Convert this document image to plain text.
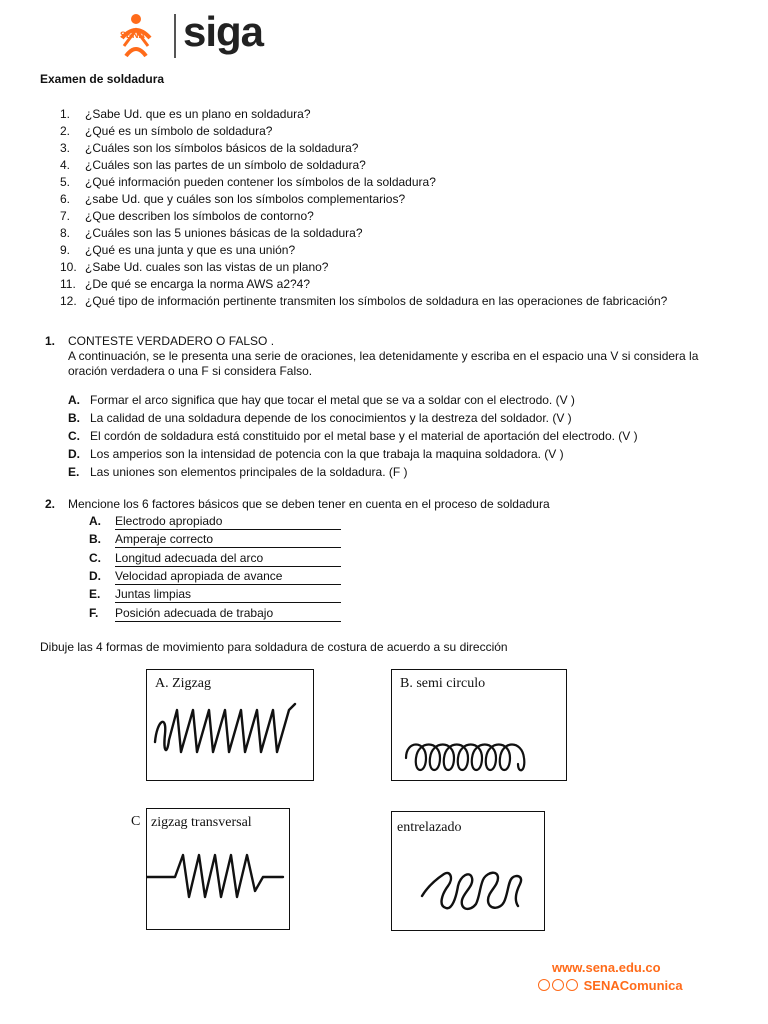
SENA siga
Examen de soldadura
1. ¿Sabe Ud. que es un plano en soldadura?
2. ¿Qué es un símbolo de soldadura?
3. ¿Cuáles son los símbolos básicos de la soldadura?
4. ¿Cuáles son las partes de un símbolo de soldadura?
5. ¿Qué información pueden contener los símbolos de la soldadura?
6. ¿sabe Ud. que y cuáles son los símbolos complementarios?
7. ¿Que describen los símbolos de contorno?
8. ¿Cuáles son las 5 uniones básicas de la soldadura?
9. ¿Qué es una junta y que es una unión?
10. ¿Sabe Ud. cuales son las vistas de un plano?
11. ¿De qué se encarga la norma AWS a2?4?
12. ¿Qué tipo de información pertinente transmiten los símbolos de soldadura en las operaciones de fabricación?
1. CONTESTE VERDADERO O FALSO .
A continuación, se le presenta una serie de oraciones, lea detenidamente y escriba en el espacio una V si considera la oración verdadera o una F si considera Falso.
A. Formar el arco significa que hay que tocar el metal que se va a soldar con el electrodo. (V )
B. La calidad de una soldadura depende de los conocimientos y la destreza del soldador. (V )
C. El cordón de soldadura está constituido por el metal base y el material de aportación del electrodo. (V )
D. Los amperios son la intensidad de potencia con la que trabaja la maquina soldadora. (V )
E. Las uniones son elementos principales de la soldadura. (F )
2. Mencione los 6 factores básicos que se deben tener en cuenta en el proceso de soldadura
A. Electrodo apropiado
B. Amperaje correcto
C. Longitud adecuada del arco
D. Velocidad apropiada de avance
E. Juntas limpias
F. Posición adecuada de trabajo
Dibuje las 4 formas de movimiento para soldadura de costura de acuerdo a su dirección
A. Zigzag	B. semi circulo
C zigzag transversal	entrelazado
www.sena.edu.co
SENAComunica
